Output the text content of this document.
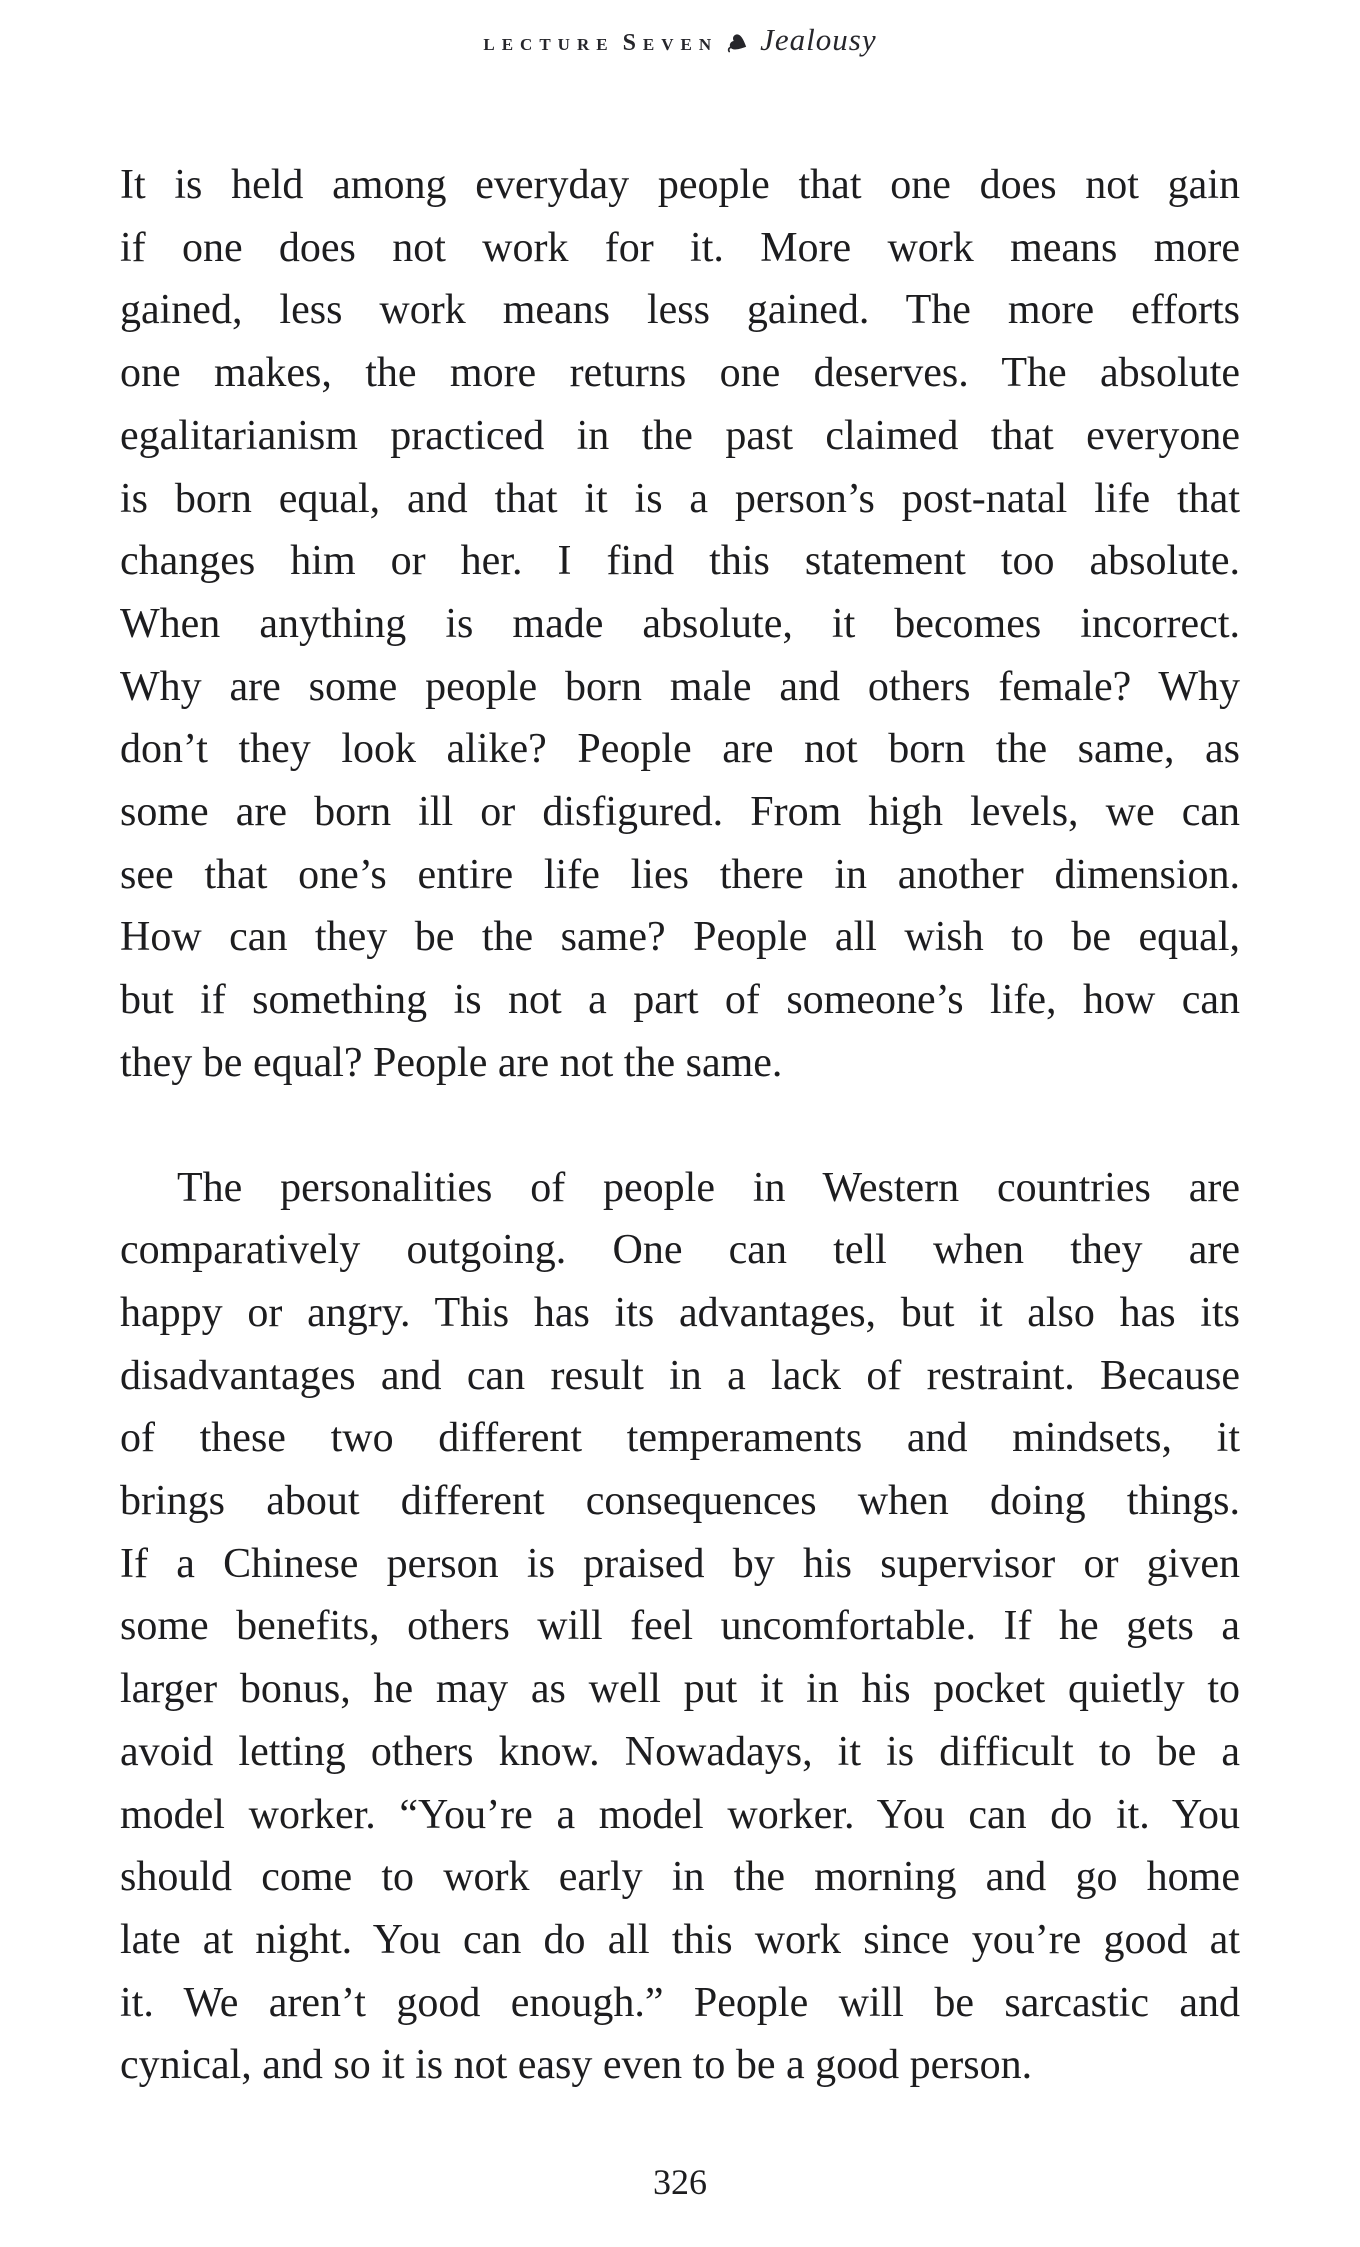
LECTURE SEVEN Jealousy
It is held among everyday people that one does not gain
if one does not work for it. More work means more
gained, less work means less gained. The more efforts
one makes, the more returns one deserves. The absolute
egalitarianism practiced in the past claimed that everyone
is born equal, and that it is a person’s post-natal life that
changes him or her. I find this statement too absolute.
When anything is made absolute, it becomes incorrect.
Why are some people born male and others female? Why
don’t they look alike? People are not born the same, as
some are born ill or disfigured. From high levels, we can
see that one’s entire life lies there in another dimension.
How can they be the same? People all wish to be equal,
but if something is not a part of someone’s life, how can
they be equal? People are not the same.
The personalities of people in Western countries are
comparatively outgoing. One can tell when they are
happy or angry. This has its advantages, but it also has its
disadvantages and can result in a lack of restraint. Because
of these two different temperaments and mindsets, it
brings about different consequences when doing things.
If a Chinese person is praised by his supervisor or given
some benefits, others will feel uncomfortable. If he gets a
larger bonus, he may as well put it in his pocket quietly to
avoid letting others know. Nowadays, it is difficult to be a
model worker. “You’re a model worker. You can do it. You
should come to work early in the morning and go home
late at night. You can do all this work since you’re good at
it. We aren’t good enough.” People will be sarcastic and
cynical, and so it is not easy even to be a good person.
326
